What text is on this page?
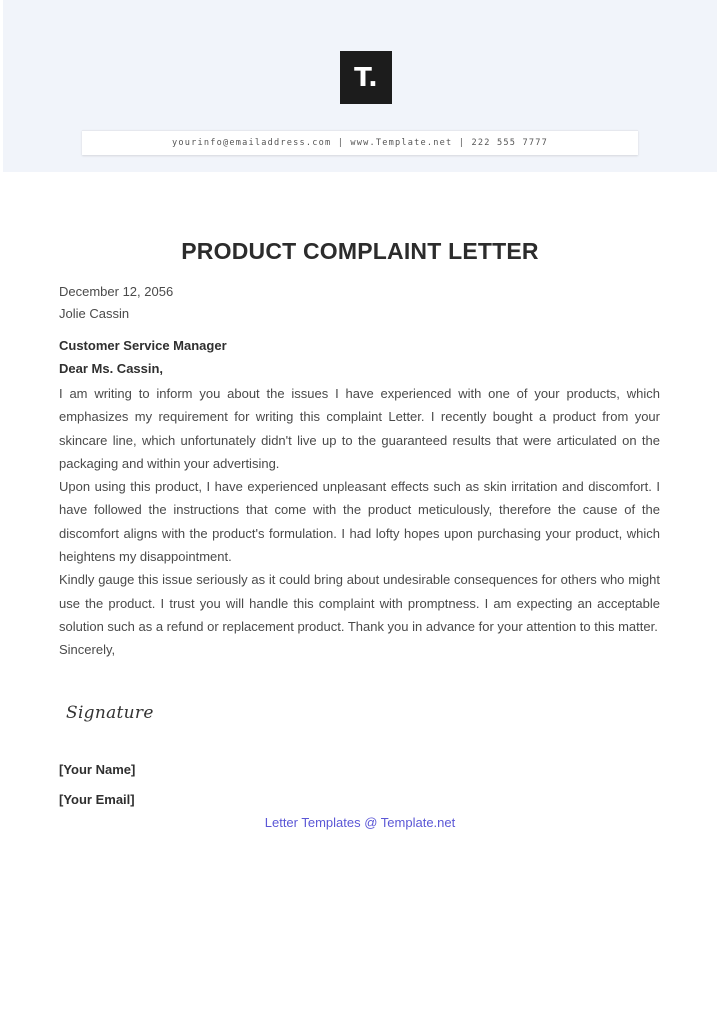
T.
yourinfo@emailaddress.com | www.Template.net | 222 555 7777
PRODUCT COMPLAINT LETTER
December 12, 2056
Jolie Cassin
Customer Service Manager
Dear Ms. Cassin,

I am writing to inform you about the issues I have experienced with one of your products, which emphasizes my requirement for writing this complaint Letter. I recently bought a product from your skincare line, which unfortunately didn't live up to the guaranteed results that were articulated on the packaging and within your advertising.

Upon using this product, I have experienced unpleasant effects such as skin irritation and discomfort. I have followed the instructions that come with the product meticulously, therefore the cause of the discomfort aligns with the product's formulation. I had lofty hopes upon purchasing your product, which heightens my disappointment.

Kindly gauge this issue seriously as it could bring about undesirable consequences for others who might use the product. I trust you will handle this complaint with promptness. I am expecting an acceptable solution such as a refund or replacement product. Thank you in advance for your attention to this matter.

Sincerely,

Signature
[Your Name]
[Your Email]
Letter Templates @ Template.net
